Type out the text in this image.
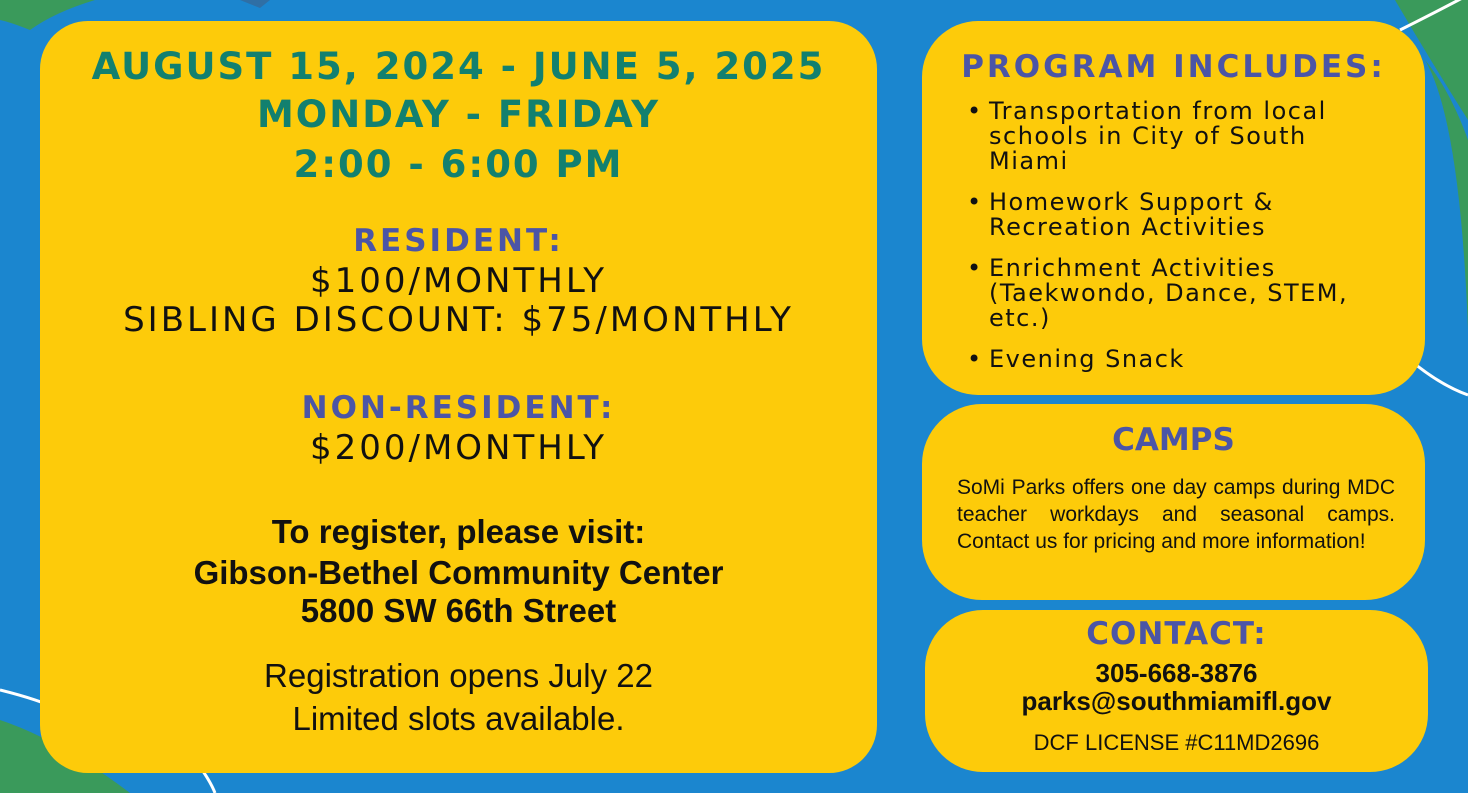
AUGUST 15, 2024 - JUNE 5, 2025
MONDAY - FRIDAY
2:00 - 6:00 PM
RESIDENT:
$100/MONTHLY
SIBLING DISCOUNT: $75/MONTHLY
NON-RESIDENT:
$200/MONTHLY
To register, please visit:
Gibson-Bethel Community Center
5800 SW 66th Street
Registration opens July 22
Limited slots available.
PROGRAM INCLUDES:
• Transportation from local schools in City of South Miami
• Homework Support & Recreation Activities
• Enrichment Activities (Taekwondo, Dance, STEM, etc.)
• Evening Snack
CAMPS
SoMi Parks offers one day camps during MDC teacher workdays and seasonal camps. Contact us for pricing and more information!
CONTACT:
305-668-3876
parks@southmiamifl.gov
DCF LICENSE #C11MD2696
